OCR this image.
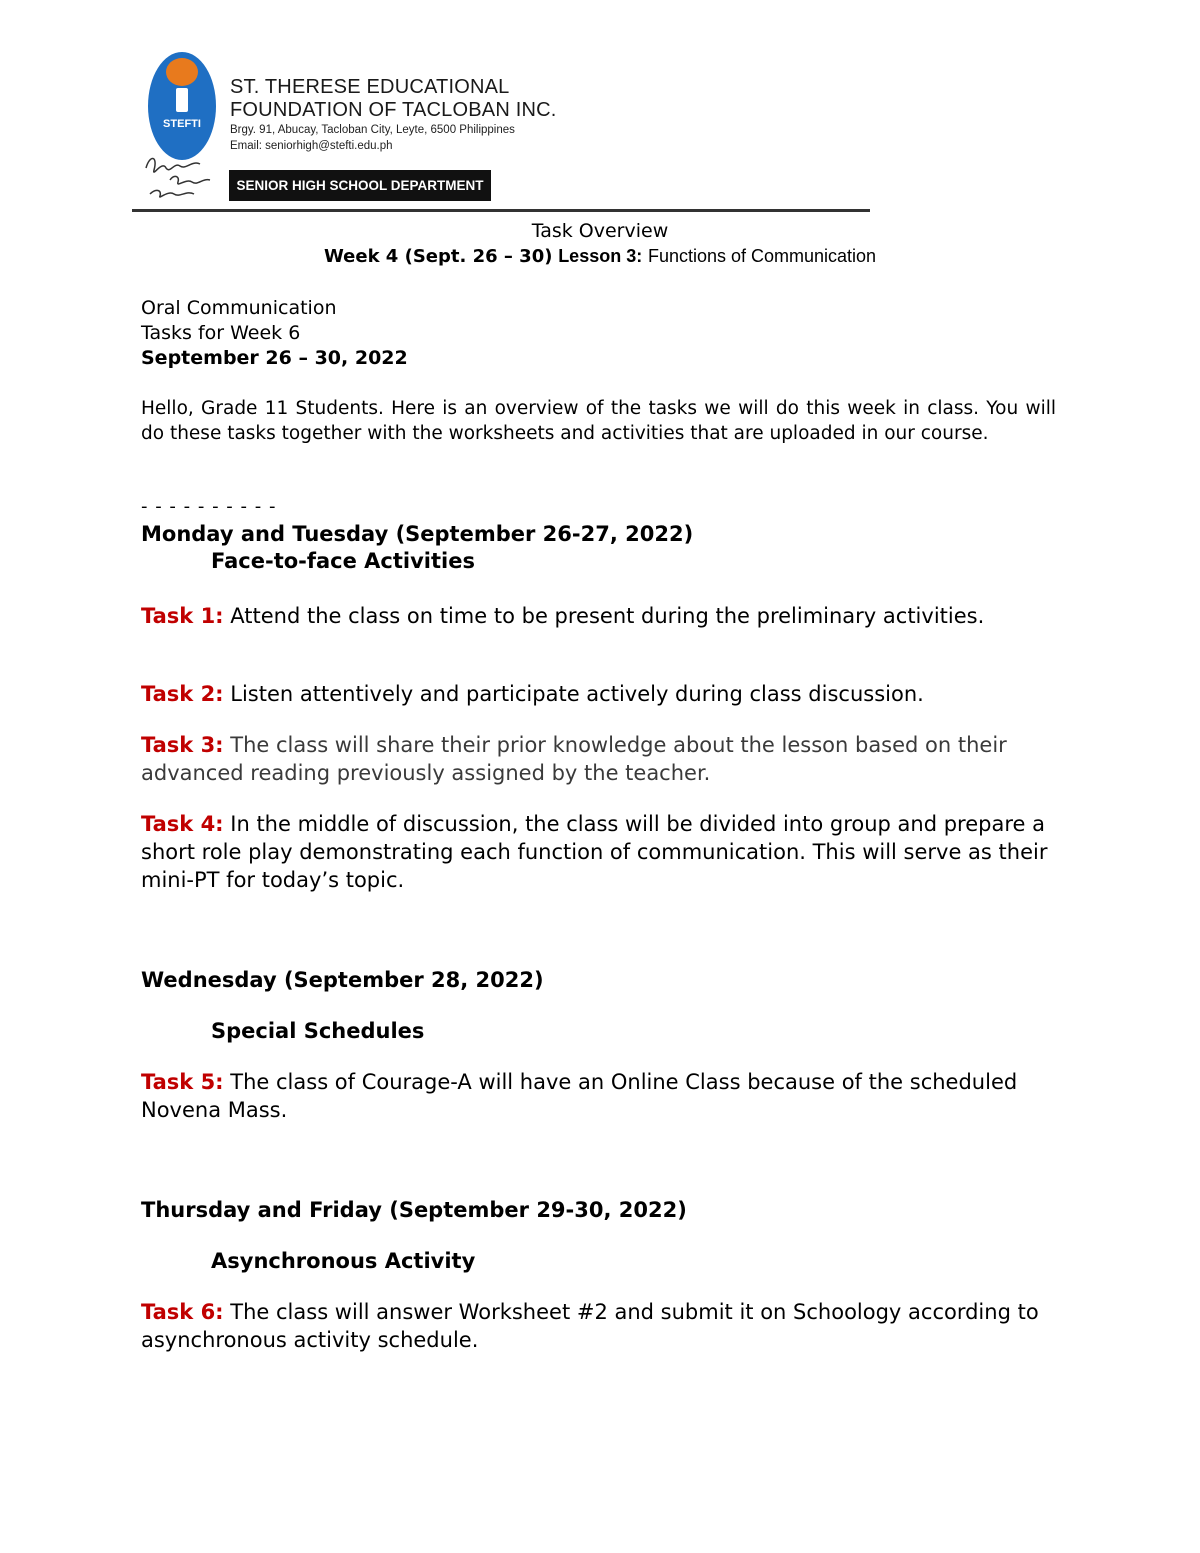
STEFTI
ST. THERESE EDUCATIONAL
FOUNDATION OF TACLOBAN INC.
Brgy. 91, Abucay, Tacloban City, Leyte, 6500 Philippines
Email: seniorhigh@stefti.edu.ph
SENIOR HIGH SCHOOL DEPARTMENT
Task Overview
Week 4 (Sept. 26 – 30) Lesson 3: Functions of Communication
Oral Communication
Tasks for Week 6
September 26 – 30, 2022
Hello, Grade 11 Students. Here is an overview of the tasks we will do this week in class. You will do these tasks together with the worksheets and activities that are uploaded in our course.
- - - - - - - - - -
Monday and Tuesday (September 26-27, 2022)
Face-to-face Activities
Task 1: Attend the class on time to be present during the preliminary activities.
Task 2: Listen attentively and participate actively during class discussion.
Task 3: The class will share their prior knowledge about the lesson based on their advanced reading previously assigned by the teacher.
Task 4: In the middle of discussion, the class will be divided into group and prepare a short role play demonstrating each function of communication. This will serve as their mini-PT for today’s topic.
Wednesday (September 28, 2022)
Special Schedules
Task 5: The class of Courage-A will have an Online Class because of the scheduled Novena Mass.
Thursday and Friday (September 29-30, 2022)
Asynchronous Activity
Task 6: The class will answer Worksheet #2 and submit it on Schoology according to asynchronous activity schedule.
